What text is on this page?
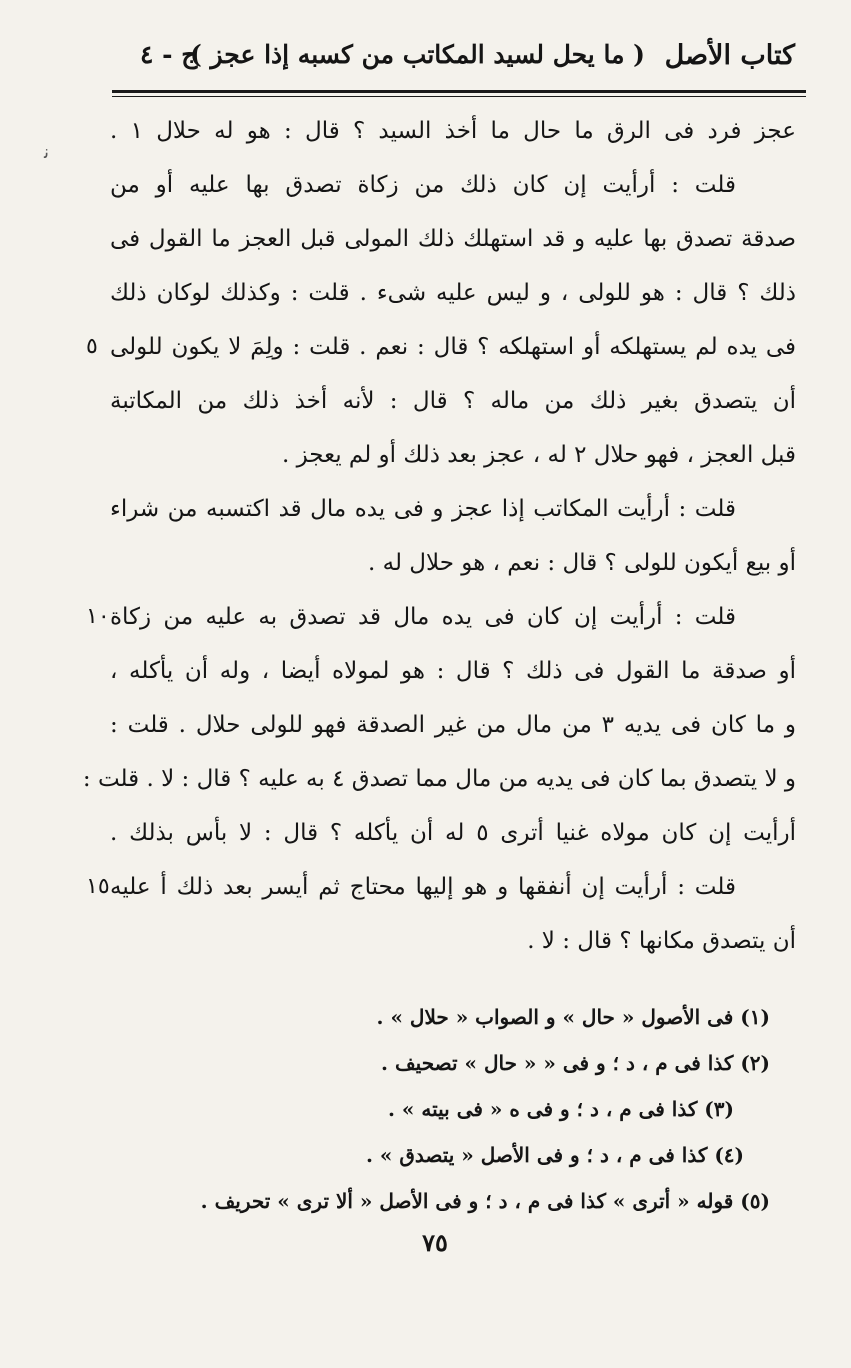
كتاب الأصل
( ما يحل لسيد المكاتب من كسبه إذا عجز )
ج - ٤
ﻧ
عجز فرد فى الرق ما حال ما أخذ السيد ؟ قال : هو له حلال ١ .
قلت : أرأيت إن كان ذلك من زكاة تصدق بها عليه أو من
صدقة تصدق بها عليه و قد استهلك ذلك المولى قبل العجز ما القول فى
ذلك ؟ قال : هو للولى ، و ليس عليه شىء . قلت : وكذلك لوكان ذلك
فى يده لم يستهلكه أو استهلكه ؟ قال : نعم . قلت : ولِمَ لا يكون للولى
٥
أن يتصدق بغير ذلك من ماله ؟ قال : لأنه أخذ ذلك من المكاتبة
قبل العجز ، فهو حلال ٢ له ، عجز بعد ذلك أو لم يعجز .
قلت : أرأيت المكاتب إذا عجز و فى يده مال قد اكتسبه من شراء
أو بيع أيكون للولى ؟ قال : نعم ، هو حلال له .
قلت : أرأيت إن كان فى يده مال قد تصدق به عليه من زكاة
١٠
أو صدقة ما القول فى ذلك ؟ قال : هو لمولاه أيضا ، وله أن يأكله ،
و ما كان فى يديه ٣ من مال من غير الصدقة فهو للولى حلال . قلت :
و لا يتصدق بما كان فى يديه من مال مما تصدق ٤ به عليه ؟ قال : لا . قلت :
أرأيت إن كان مولاه غنيا أترى ٥ له أن يأكله ؟ قال : لا بأس بذلك .
قلت : أرأيت إن أنفقها و هو إليها محتاج ثم أيسر بعد ذلك أ عليه
١٥
أن يتصدق مكانها ؟ قال : لا .
(١) فى الأصول « حال » و الصواب « حلال » .
(٢) كذا فى م ، د ؛ و فى « « حال » تصحيف .
(٣) كذا فى م ، د ؛ و فى ه « فى بيته » .
(٤) كذا فى م ، د ؛ و فى الأصل « يتصدق » .
(٥) قوله « أترى » كذا فى م ، د ؛ و فى الأصل « ألا ترى » تحريف .
٧٥
